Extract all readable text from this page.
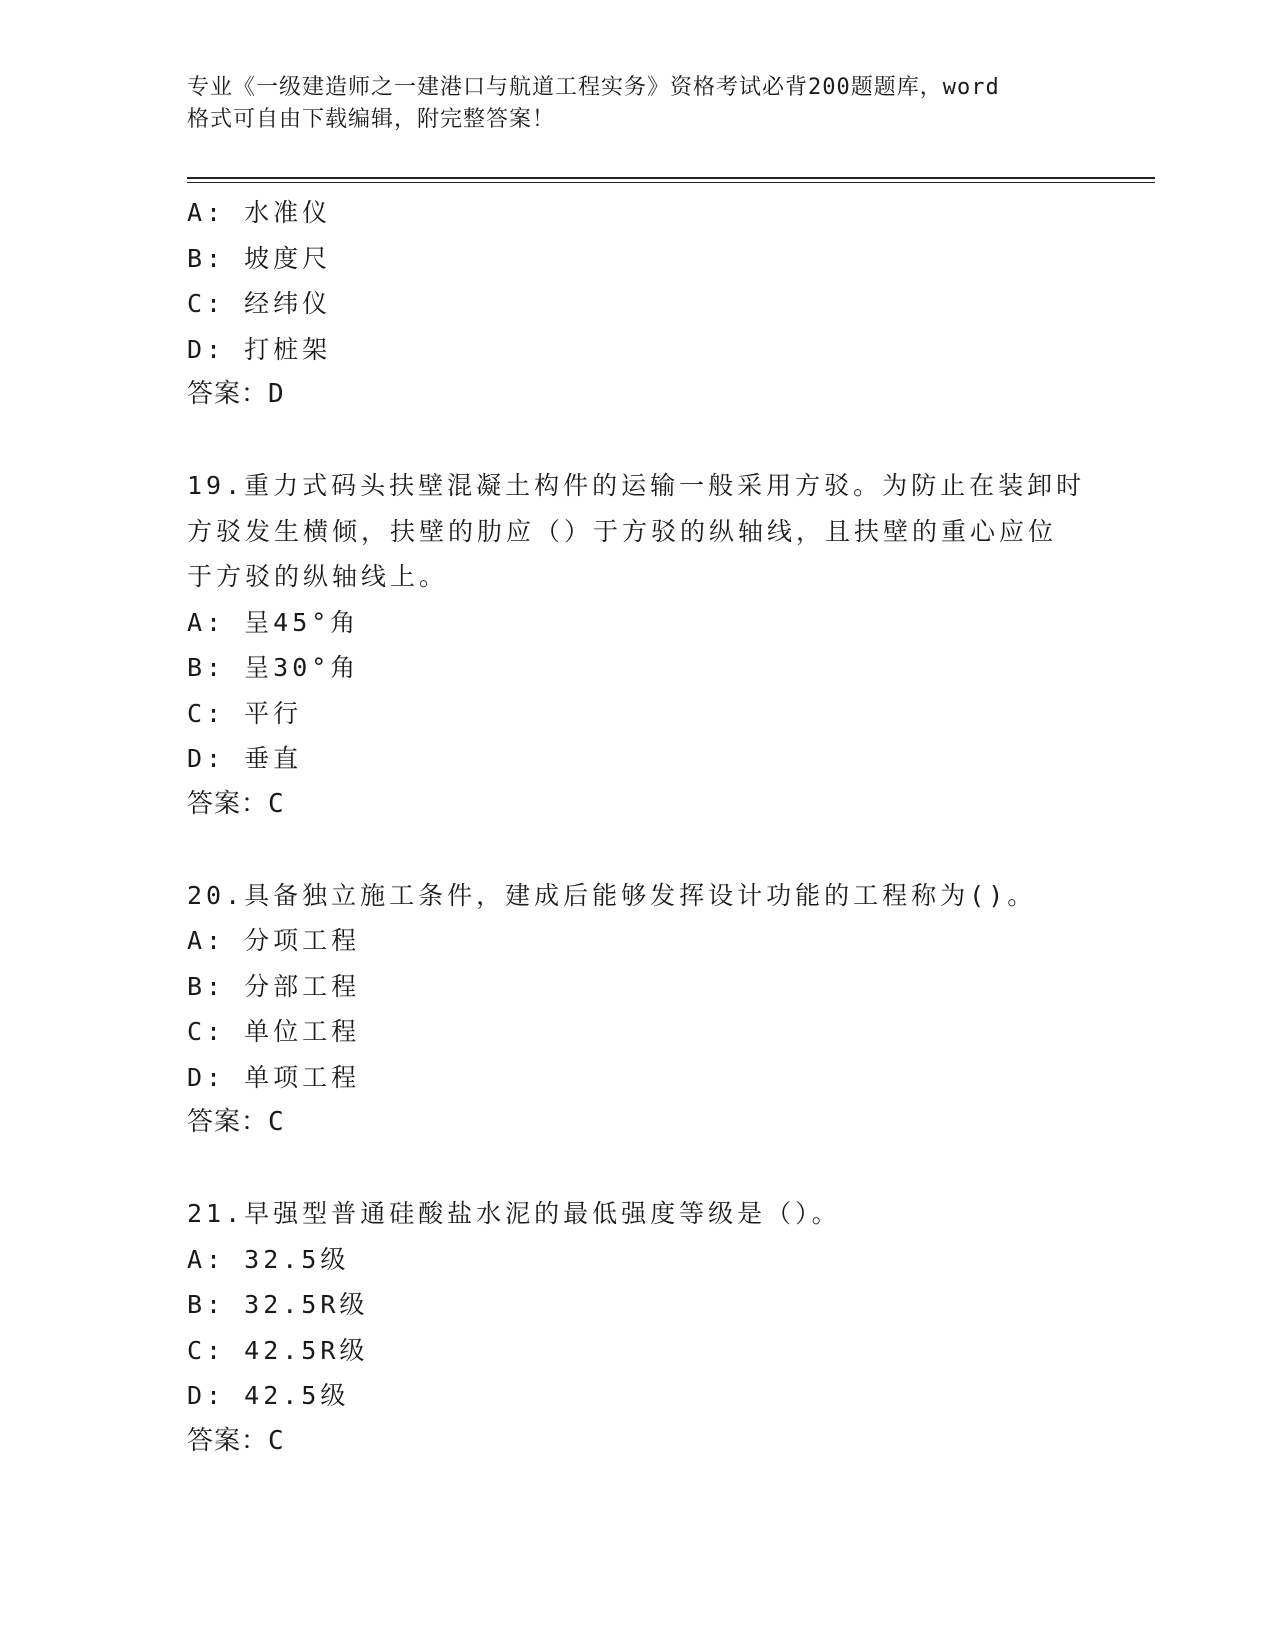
专业《一级建造师之一建港口与航道工程实务》资格考试必背200题题库，word
格式可自由下载编辑，附完整答案！
A: 水准仪
B: 坡度尺
C: 经纬仪
D: 打桩架
答案：D
19.重力式码头扶壁混凝土构件的运输一般采用方驳。为防止在装卸时
方驳发生横倾，扶壁的肋应（）于方驳的纵轴线，且扶壁的重心应位
于方驳的纵轴线上。
A: 呈45°角
B: 呈30°角
C: 平行
D: 垂直
答案：C
20.具备独立施工条件，建成后能够发挥设计功能的工程称为()。
A: 分项工程
B: 分部工程
C: 单位工程
D: 单项工程
答案：C
21.早强型普通硅酸盐水泥的最低强度等级是（）。
A: 32.5级
B: 32.5R级
C: 42.5R级
D: 42.5级
答案：C
